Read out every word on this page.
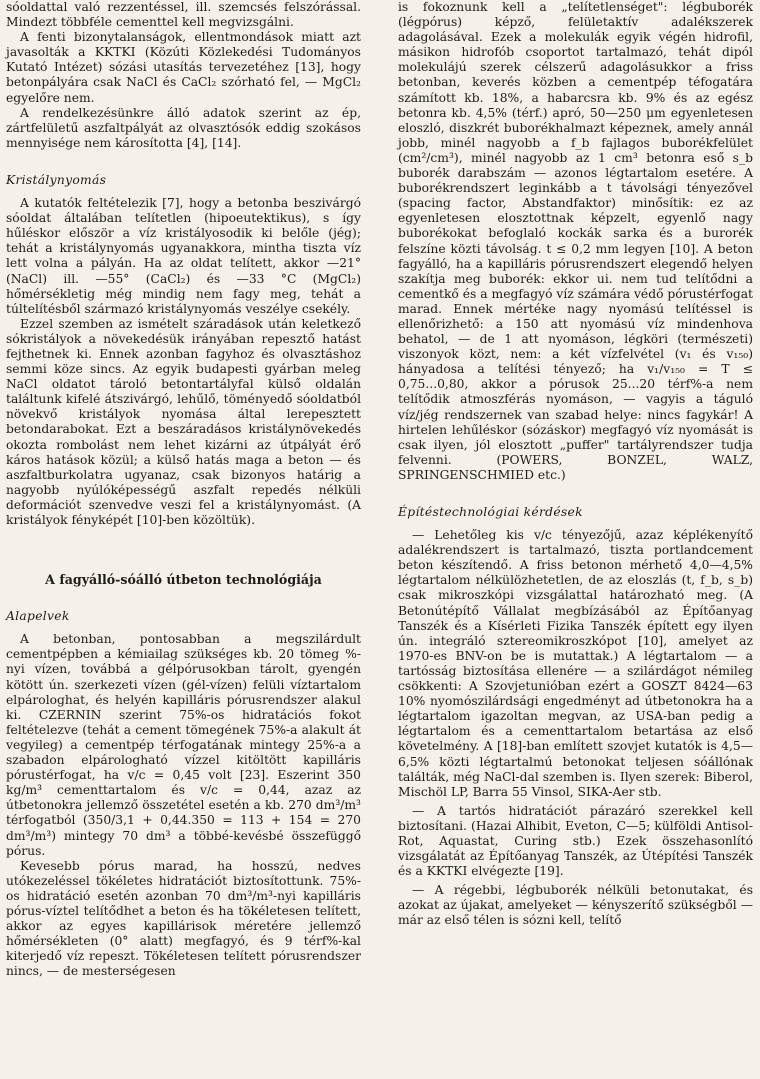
sóoldattal való rezzentéssel, ill. szemcsés felszórással. Mindezt többféle cementtel kell megvizsgálni.

A fenti bizonytalanságok, ellentmondások miatt azt javasolták a KKTKI (Közúti Közlekedési Tudományos Kutató Intézet) sózási utasítás tervezetéhez [13], hogy betonpályára csak NaCl és CaCl₂ szórható fel, — MgCl₂ egyelőre nem.

A rendelkezésünkre álló adatok szerint az ép, zártfelületű aszfaltpályát az olvasztósók eddig szokásos mennyisége nem károsította [4], [14].

Kristálynyomás

A kutatók feltételezik [7], hogy a betonba beszivárgó sóoldat általában telítetlen (hipoeutektikus), s így hűléskor először a víz kristályosodik ki belőle (jég); tehát a kristálynyomás ugyanakkora, mintha tiszta víz lett volna a pályán. Ha az oldat telített, akkor —21° (NaCl) ill. —55° (CaCl₂) és —33 °C (MgCl₂) hőmérsékletig még mindig nem fagy meg, tehát a túltelítésből származó kristálynyomás veszélye csekély.

Ezzel szemben az ismételt száradások után keletkező sókristályok a növekedésük irányában repesztő hatást fejthetnek ki. Ennek azonban fagyhoz és olvasztáshoz semmi köze sincs. Az egyik budapesti gyárban meleg NaCl oldatot tároló betontartályfal külső oldalán találtunk kifelé átszivárgó, lehűlő, töményedő sóoldatból növekvő kristályok nyomása által lerepesztett betondarabokat. Ezt a beszáradásos kristálynövekedés okozta rombolást nem lehet kizárni az útpályát érő káros hatások közül; a külső hatás maga a beton — és aszfaltburkolatra ugyanaz, csak bizonyos határig a nagyobb nyúlóképességű aszfalt repedés nélküli deformációt szenvedve veszi fel a kristálynyomást. (A kristályok fényképét [10]-ben közöltük).

A fagyálló-sóálló útbeton technológiája

Alapelvek

A betonban, pontosabban a megszilárdult cementpépben a kémiailag szükséges kb. 20 tömeg %-nyi vízen, továbbá a gélpórusokban tárolt, gyengén kötött ún. szerkezeti vízen (gél-vízen) felüli víztartalom elpárologhat, és helyén kapilláris pórusrendszer alakul ki. CZERNIN szerint 75%-os hidratációs fokot feltételezve (tehát a cement tömegének 75%-a alakult át vegyileg) a cementpép térfogatának mintegy 25%-a a szabadon elpárologható vízzel kitöltött kapilláris pórustérfogat, ha v/c = 0,45 volt [23]. Eszerint 350 kg/m³ cementtartalom és v/c = 0,44, azaz az útbetonokra jellemző összetétel esetén a kb. 270 dm³/m³ térfogatból (350/3,1 + 0,44.350 = 113 + 154 = 270 dm³/m³) mintegy 70 dm³ a többé-kevésbé összefüggő pórus.

Kevesebb pórus marad, ha hosszú, nedves utókezeléssel tökéletes hidratációt biztosítottunk. 75%-os hidratáció esetén azonban 70 dm³/m³-nyi kapilláris pórus-víztel telítődhet a beton és ha tökéletesen telített, akkor az egyes kapillárisok méretére jellemző hőmérsékleten (0° alatt) megfagyó, és 9 térf%-kal kiterjedő víz repeszt. Tökéletesen telített pórusrendszer nincs, — de mesterségesen

is fokoznunk kell a „telítetlenséget": légbuborék (légpórus) képző, felületaktív adalékszerek adagolásával. Ezek a molekulák egyik végén hidrofil, másikon hidrofób csoportot tartalmazó, tehát dipól molekulájú szerek célszerű adagolásukkor a friss betonban, keverés közben a cementpép téfogatára számított kb. 18%, a habarcsra kb. 9% és az egész betonra kb. 4,5% (térf.) apró, 50—250 μm egyenletesen eloszló, diszkrét buborékhalmazt képeznek, amely annál jobb, minél nagyobb a f_b fajlagos buborékfelület (cm²/cm³), minél nagyobb az 1 cm³ betonra eső s_b buborék darabszám — azonos légtartalom esetére. A buborékrendszert leginkább a t távolsági tényezővel (spacing factor, Abstandfaktor) minősítik: ez az egyenletesen elosztottnak képzelt, egyenlő nagy buborékokat befoglaló kockák sarka és a burorék felszíne közti távolság. t ≤ 0,2 mm legyen [10]. A beton fagyálló, ha a kapilláris pórusrendszert elegendő helyen szakítja meg buborék: ekkor ui. nem tud telítődni a cementkő és a megfagyó víz számára védő pórustérfogat marad. Ennek mértéke nagy nyomású telítéssel is ellenőrizhető: a 150 att nyomású víz mindenhova behatol, — de 1 att nyomáson, légköri (természeti) viszonyok közt, nem: a két vízfelvétel (v₁ és v₁₅₀) hányadosa a telítési tényező; ha v₁/v₁₅₀ = T ≤ 0,75...0,80, akkor a pórusok 25...20 térf%-a nem telítődik atmoszférás nyomáson, — vagyis a táguló víz/jég rendszernek van szabad helye: nincs fagykár! A hirtelen lehűléskor (sózáskor) megfagyó víz nyomását is csak ilyen, jól elosztott „puffer" tartályrendszer tudja felvenni. (POWERS, BONZEL, WALZ, SPRINGENSCHMIED etc.)

Építéstechnológiai kérdések

— Lehetőleg kis v/c tényezőjű, azaz képlékenyítő adalékrendszert is tartalmazó, tiszta portlandcement beton készítendő. A friss betonon mérhető 4,0—4,5% légtartalom nélkülözhetetlen, de az eloszlás (t, f_b, s_b) csak mikroszkópi vizsgálattal határozható meg. (A Betonútépítő Vállalat megbízásából az Építőanyag Tanszék és a Kísérleti Fizika Tanszék épített egy ilyen ún. integráló sztereomikroszkópot [10], amelyet az 1970-es BNV-on be is mutattak.) A légtartalom — a tartósság biztosítása ellenére — a szilárdágot némileg csökkenti: A Szovjetunióban ezért a GOSZT 8424—63 10% nyomószilárdsági engedményt ad útbetonokra ha a légtartalom igazoltan megvan, az USA-ban pedig a légtartalom és a cementtartalom betartása az első követelmény. A [18]-ban említett szovjet kutatók is 4,5—6,5% közti légtartalmú betonokat teljesen sóállónak találták, még NaCl-dal szemben is. Ilyen szerek: Biberol, Mischöl LP, Barra 55 Vinsol, SIKA-Aer stb.

— A tartós hidratációt párazáró szerekkel kell biztosítani. (Hazai Alhibit, Eveton, C—5; külföldi Antisol-Rot, Aquastat, Curing stb.) Ezek összehasonlító vizsgálatát az Építőanyag Tanszék, az Útépítési Tanszék és a KKTKI elvégezte [19].

— A régebbi, légbuborék nélküli betonutakat, és azokat az újakat, amelyeket — kényszerítő szükségből — már az első télen is sózni kell, telítő
